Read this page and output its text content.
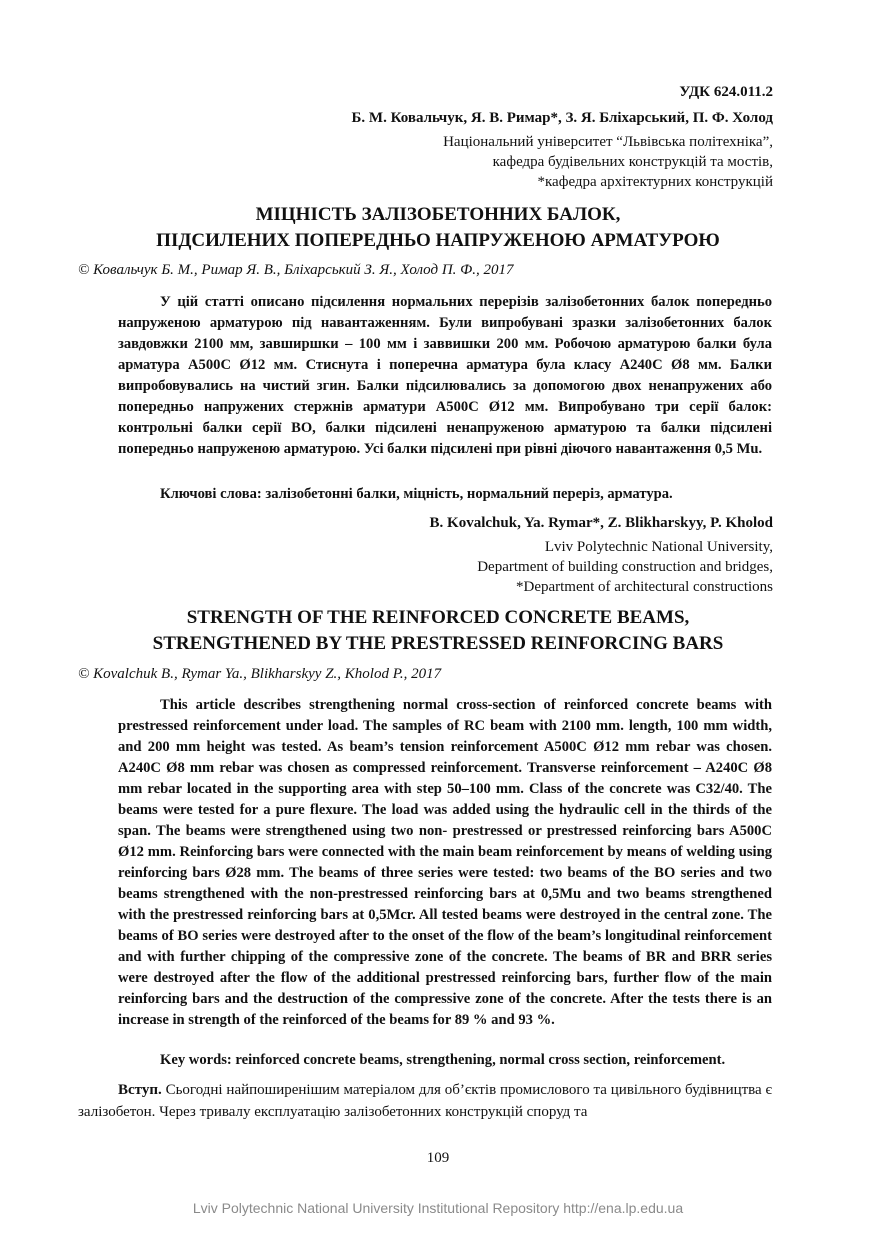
УДК 624.011.2
Б. М. Ковальчук, Я. В. Римар*, З. Я. Бліхарський, П. Ф. Холод
Національний університет “Львівська політехніка”,
кафедра будівельних конструкцій та мостів,
*кафедра архітектурних конструкцій
МІЦНІСТЬ ЗАЛІЗОБЕТОННИХ БАЛОК,
ПІДСИЛЕНИХ ПОПЕРЕДНЬО НАПРУЖЕНОЮ АРМАТУРОЮ
© Ковальчук Б. М., Римар Я. В., Бліхарський З. Я., Холод П. Ф., 2017

У цій статті описано підсилення нормальних перерізів залізобетонних балок попередньо напруженою арматурою під навантаженням. Були випробувані зразки залізобетонних балок завдовжки 2100 мм, завширшки – 100 мм і заввишки 200 мм. Робочою арматурою балки була арматура А500С Ø12 мм. Стиснута і поперечна арматура була класу А240С Ø8 мм. Балки випробовувались на чистий згин. Балки підсилювались за допомогою двох ненапружених або попередньо напружених стержнів арматури А500С Ø12 мм. Випробувано три серії балок: контрольні балки серії ВО, балки підсилені ненапруженою арматурою та балки підсилені попередньо напруженою арматурою. Усі балки підсилені при рівні діючого навантаження 0,5 Mu.

Ключові слова: залізобетонні балки, міцність, нормальний переріз, арматура.
B. Kovalchuk, Ya. Rymar*, Z. Blikharskyy, P. Kholod
Lviv Polytechnic National University,
Department of building construction and bridges,
*Department of architectural constructions
STRENGTH OF THE REINFORCED CONCRETE BEAMS,
STRENGTHENED BY THE PRESTRESSED REINFORCING BARS
© Kovalchuk B., Rymar Ya., Blikharskyy Z., Kholod P., 2017

This article describes strengthening normal cross-section of reinforced concrete beams with prestressed reinforcement under load. The samples of RC beam with 2100 mm. length, 100 mm width, and 200 mm height was tested. As beam’s tension reinforcement A500C Ø12 mm rebar was chosen. A240C Ø8 mm rebar was chosen as compressed reinforcement. Transverse reinforcement – A240C Ø8 mm rebar located in the supporting area with step 50–100 mm. Class of the concrete was C32/40. The beams were tested for a pure flexure. The load was added using the hydraulic cell in the thirds of the span. The beams were strengthened using two non- prestressed or prestressed reinforcing bars A500C Ø12 mm. Reinforcing bars were connected with the main beam reinforcement by means of welding using reinforcing bars Ø28 mm. The beams of three series were tested: two beams of the BO series and two beams strengthened with the non-prestressed reinforcing bars at 0,5Mu and two beams strengthened with the prestressed reinforcing bars at 0,5Mcr. All tested beams were destroyed in the central zone. The beams of BO series were destroyed after to the onset of the flow of the beam’s longitudinal reinforcement and with further chipping of the compressive zone of the concrete. The beams of BR and BRR series were destroyed after the flow of the additional prestressed reinforcing bars, further flow of the main reinforcing bars and the destruction of the compressive zone of the concrete. After the tests there is an increase in strength of the reinforced of the beams for 89 % and 93 %.

Key words: reinforced concrete beams, strengthening, normal cross section, reinforcement.

Вступ. Сьогодні найпоширенішим матеріалом для об’єктів промислового та цивільного будівництва є залізобетон. Через тривалу експлуатацію залізобетонних конструкцій споруд та

109
Lviv Polytechnic National University Institutional Repository http://ena.lp.edu.ua
